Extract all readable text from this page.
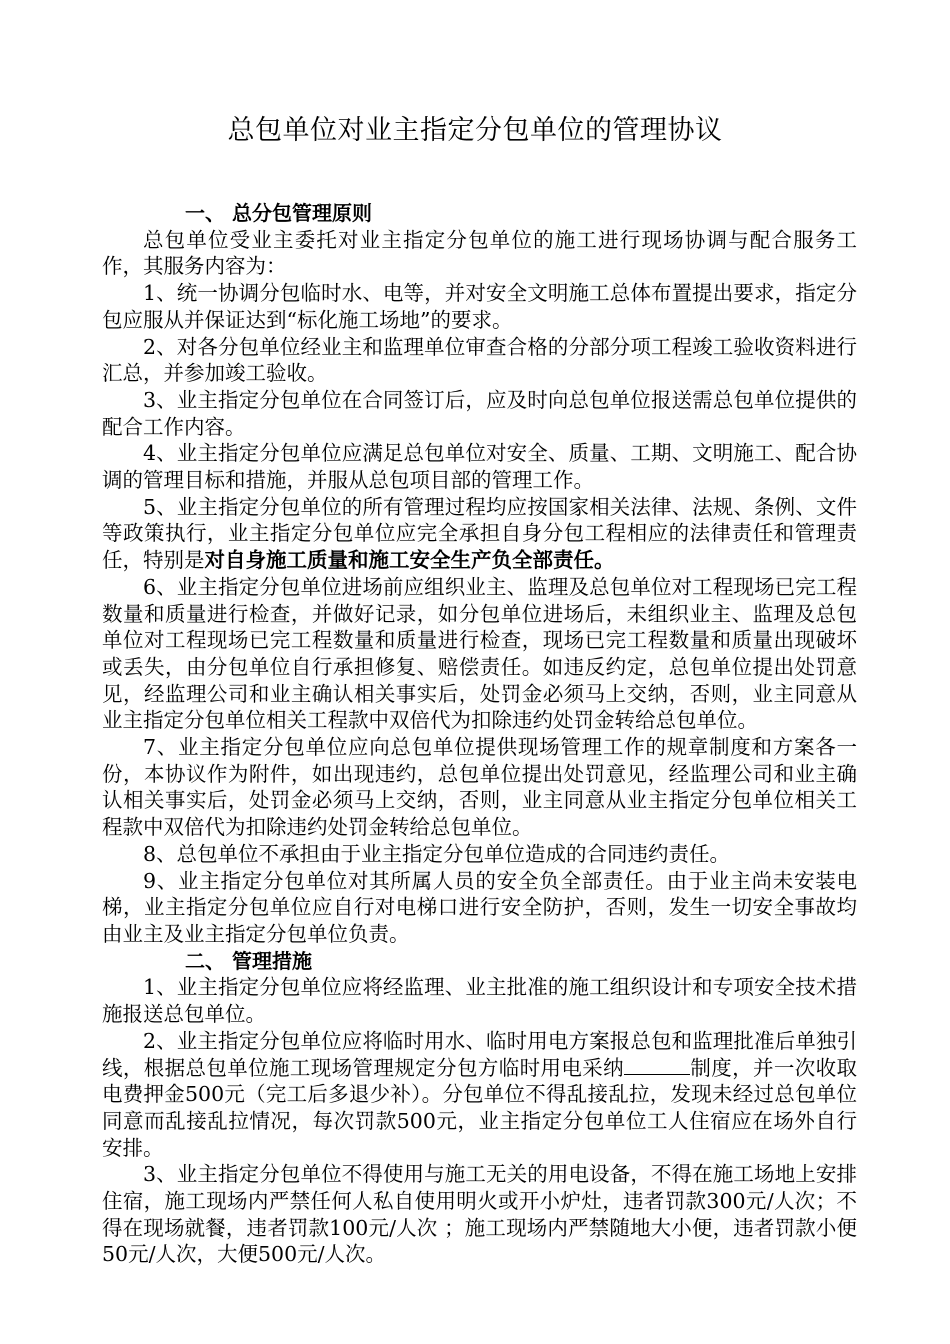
总包单位对业主指定分包单位的管理协议

一、 总分包管理原则

总包单位受业主委托对业主指定分包单位的施工进行现场协调与配合服务工作，其服务内容为：

1、统一协调分包临时水、电等，并对安全文明施工总体布置提出要求，指定分包应服从并保证达到“标化施工场地”的要求。

2、对各分包单位经业主和监理单位审查合格的分部分项工程竣工验收资料进行汇总，并参加竣工验收。

3、业主指定分包单位在合同签订后，应及时向总包单位报送需总包单位提供的配合工作内容。

4、业主指定分包单位应满足总包单位对安全、质量、工期、文明施工、配合协调的管理目标和措施，并服从总包项目部的管理工作。

5、业主指定分包单位的所有管理过程均应按国家相关法律、法规、条例、文件等政策执行，业主指定分包单位应完全承担自身分包工程相应的法律责任和管理责任，特别是对自身施工质量和施工安全生产负全部责任。

6、业主指定分包单位进场前应组织业主、监理及总包单位对工程现场已完工程数量和质量进行检查，并做好记录，如分包单位进场后，未组织业主、监理及总包单位对工程现场已完工程数量和质量进行检查，现场已完工程数量和质量出现破坏或丢失，由分包单位自行承担修复、赔偿责任。如违反约定，总包单位提出处罚意见，经监理公司和业主确认相关事实后，处罚金必须马上交纳，否则，业主同意从业主指定分包单位相关工程款中双倍代为扣除违约处罚金转给总包单位。

7、业主指定分包单位应向总包单位提供现场管理工作的规章制度和方案各一份，本协议作为附件，如出现违约，总包单位提出处罚意见，经监理公司和业主确认相关事实后，处罚金必须马上交纳，否则，业主同意从业主指定分包单位相关工程款中双倍代为扣除违约处罚金转给总包单位。

8、总包单位不承担由于业主指定分包单位造成的合同违约责任。

9、业主指定分包单位对其所属人员的安全负全部责任。由于业主尚未安装电梯，业主指定分包单位应自行对电梯口进行安全防护，否则，发生一切安全事故均由业主及业主指定分包单位负责。

二、 管理措施

1、业主指定分包单位应将经监理、业主批准的施工组织设计和专项安全技术措施报送总包单位。

2、业主指定分包单位应将临时用水、临时用电方案报总包和监理批准后单独引线，根据总包单位施工现场管理规定分包方临时用电采纳	制度，并一次收取电费押金500元（完工后多退少补）。分包单位不得乱接乱拉，发现未经过总包单位同意而乱接乱拉情况，每次罚款500元，业主指定分包单位工人住宿应在场外自行安排。

3、业主指定分包单位不得使用与施工无关的用电设备，不得在施工场地上安排住宿，施工现场内严禁任何人私自使用明火或开小炉灶，违者罚款300元/人次；不得在现场就餐，违者罚款100元/人次 ；施工现场内严禁随地大小便，违者罚款小便50元/人次，大便500元/人次。
